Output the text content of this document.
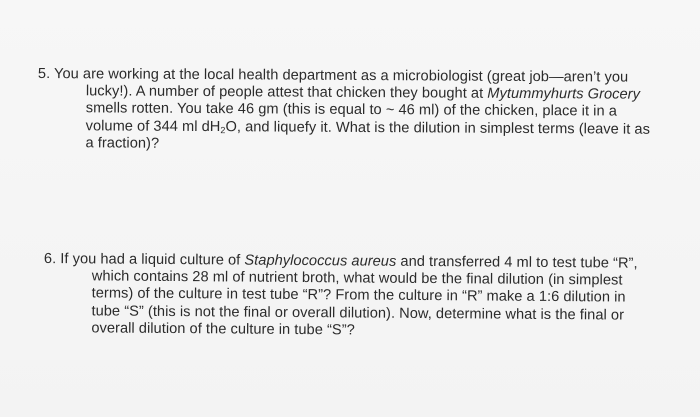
5. You are working at the local health department as a microbiologist (great job—aren’t you
lucky!). A number of people attest that chicken they bought at Mytummyhurts Grocery
smells rotten. You take 46 gm (this is equal to ~ 46 ml) of the chicken, place it in a
volume of 344 ml $dH_2O$, and liquefy it. What is the dilution in simplest terms (leave it as
a fraction)?
6. If you had a liquid culture of Staphylococcus aureus and transferred 4 ml to test tube “R”,
which contains 28 ml of nutrient broth, what would be the final dilution (in simplest
terms) of the culture in test tube “R”? From the culture in “R” make a 1:6 dilution in
tube “S” (this is not the final or overall dilution). Now, determine what is the final or
overall dilution of the culture in tube “S”?
